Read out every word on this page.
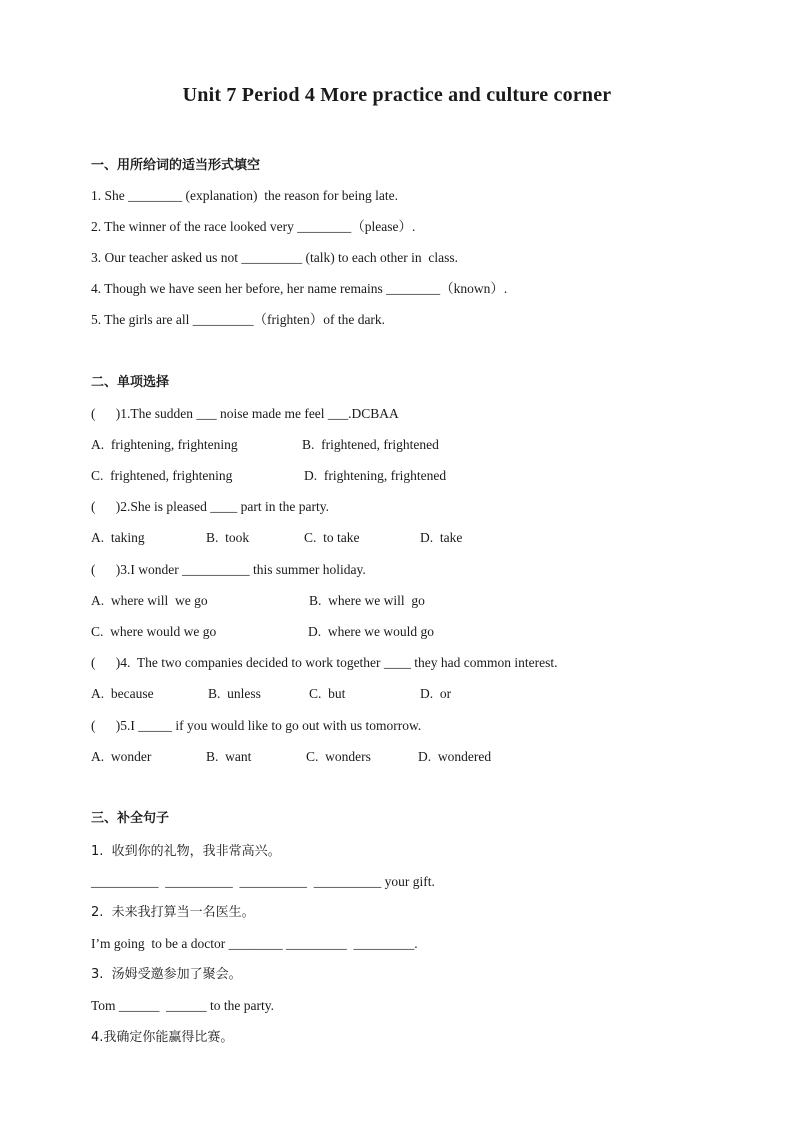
Unit 7 Period 4 More practice and culture corner
一、用所给词的适当形式填空
1. She ________ (explanation)  the reason for being late.
2. The winner of the race looked very ________（please）.
3. Our teacher asked us not _________ (talk) to each other in  class.
4. Though we have seen her before, her name remains ________（known）.
5. The girls are all _________（frighten）of the dark.
二、单项选择
(      )1.The sudden ___ noise made me feel ___.DCBAA
A.  frightening, frightening	B.  frightened, frightened
C.  frightened, frightening	D.  frightening, frightened
(      )2.She is pleased ____ part in the party.
A.  taking	B.  took	C.  to take	D.  take
(      )3.I wonder __________ this summer holiday.
A.  where will  we go	B.  where we will  go
C.  where would we go	D.  where we would go
(      )4.  The two companies decided to work together ____ they had common interest.
A.  because	B.  unless	C.  but	D.  or
(      )5.I _____ if you would like to go out with us tomorrow.
A.  wonder	B.  want	C.  wonders	D.  wondered
三、补全句子
1.  收到你的礼物，我非常高兴。
__________  __________  __________  __________ your gift.
2.  未来我打算当一名医生。
I’m going  to be a doctor ________ _________  _________.
3.  汤姆受邀参加了聚会。
Tom ______  ______ to the party.
4.我确定你能赢得比赛。
